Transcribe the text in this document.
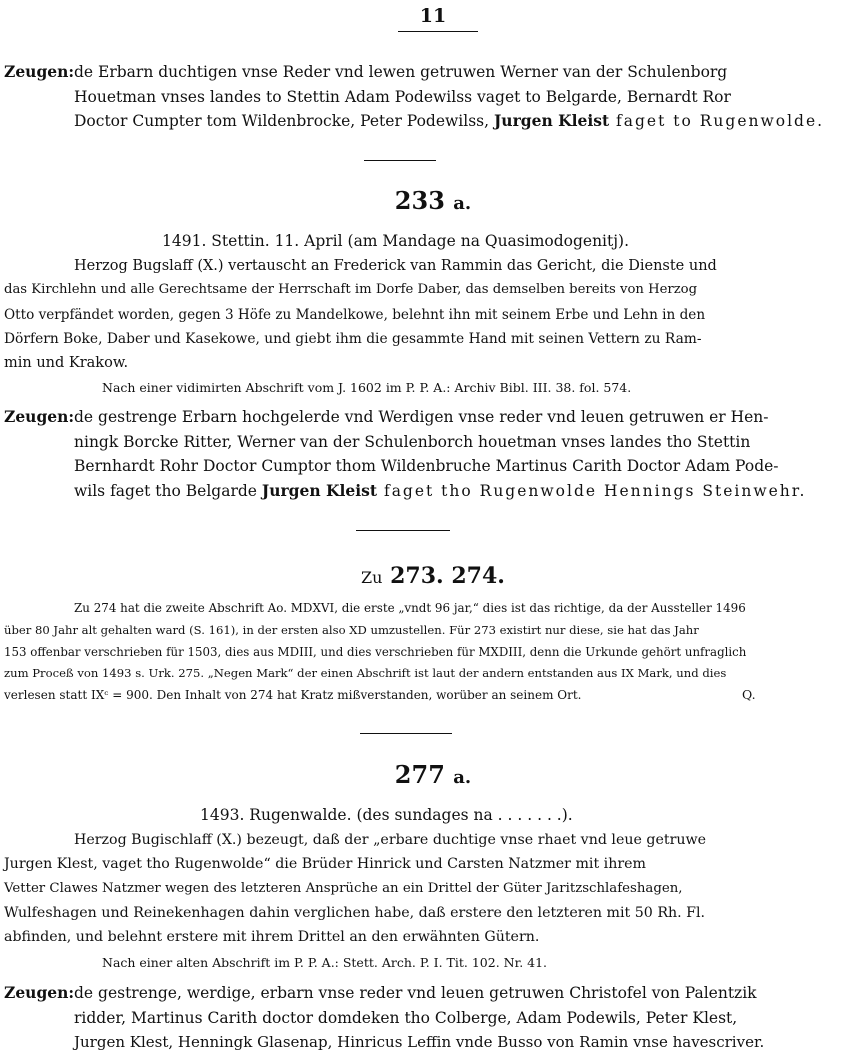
11
Zeugen:de Erbarn duchtigen vnse Reder vnd lewen getruwen Werner van der Schulenborg
Houetman vnses landes to Stettin Adam Podewilss vaget to Belgarde, Bernardt Ror
Doctor Cumpter tom Wildenbrocke, Peter Podewilss, Jurgen Kleist faget to Rugenwolde.
233 a.
1491. Stettin. 11. April (am Mandage na Quasimodogenitj).
Herzog Bugslaff (X.) vertauscht an Frederick van Rammin das Gericht, die Dienste und
das Kirchlehn und alle Gerechtsame der Herrschaft im Dorfe Daber, das demselben bereits von Herzog
Otto verpfändet worden, gegen 3 Höfe zu Mandelkowe, belehnt ihn mit seinem Erbe und Lehn in den
Dörfern Boke, Daber und Kasekowe, und giebt ihm die gesammte Hand mit seinen Vettern zu Ram-
min und Krakow.
Nach einer vidimirten Abschrift vom J. 1602 im P. P. A.: Archiv Bibl. III. 38. fol. 574.
Zeugen:de gestrenge Erbarn hochgelerde vnd Werdigen vnse reder vnd leuen getruwen er Hen-
ningk Borcke Ritter, Werner van der Schulenborch houetman vnses landes tho Stettin
Bernhardt Rohr Doctor Cumptor thom Wildenbruche Martinus Carith Doctor Adam Pode-
wils faget tho Belgarde Jurgen Kleist faget tho Rugenwolde Hennings Steinwehr.
Zu 273. 274.
Zu 274 hat die zweite Abschrift Ao. MDXVI, die erste „vndt 96 jar,“ dies ist das richtige, da der Aussteller 1496
über 80 Jahr alt gehalten ward (S. 161), in der ersten also XD umzustellen. Für 273 existirt nur diese, sie hat das Jahr
153 offenbar verschrieben für 1503, dies aus MDIII, und dies verschrieben für MXDIII, denn die Urkunde gehört unfraglich
zum Proceß von 1493 s. Urk. 275. „Negen Mark“ der einen Abschrift ist laut der andern entstanden aus IX Mark, und dies
verlesen statt IXᶜ = 900. Den Inhalt von 274 hat Kratz mißverstanden, worüber an seinem Ort.	Q.
277 a.
1493. Rugenwalde. (des sundages na . . . . . . .).
Herzog Bugischlaff (X.) bezeugt, daß der „erbare duchtige vnse rhaet vnd leue getruwe
Jurgen Klest, vaget tho Rugenwolde“ die Brüder Hinrick und Carsten Natzmer mit ihrem
Vetter Clawes Natzmer wegen des letzteren Ansprüche an ein Drittel der Güter Jaritzschlafeshagen,
Wulfeshagen und Reinekenhagen dahin verglichen habe, daß erstere den letzteren mit 50 Rh. Fl.
abfinden, und belehnt erstere mit ihrem Drittel an den erwähnten Gütern.
Nach einer alten Abschrift im P. P. A.: Stett. Arch. P. I. Tit. 102. Nr. 41.
Zeugen:de gestrenge, werdige, erbarn vnse reder vnd leuen getruwen Christofel von Palentzik
ridder, Martinus Carith doctor domdeken tho Colberge, Adam Podewils, Peter Klest,
Jurgen Klest, Henningk Glasenap, Hinricus Leffin vnde Busso von Ramin vnse havescriver.
